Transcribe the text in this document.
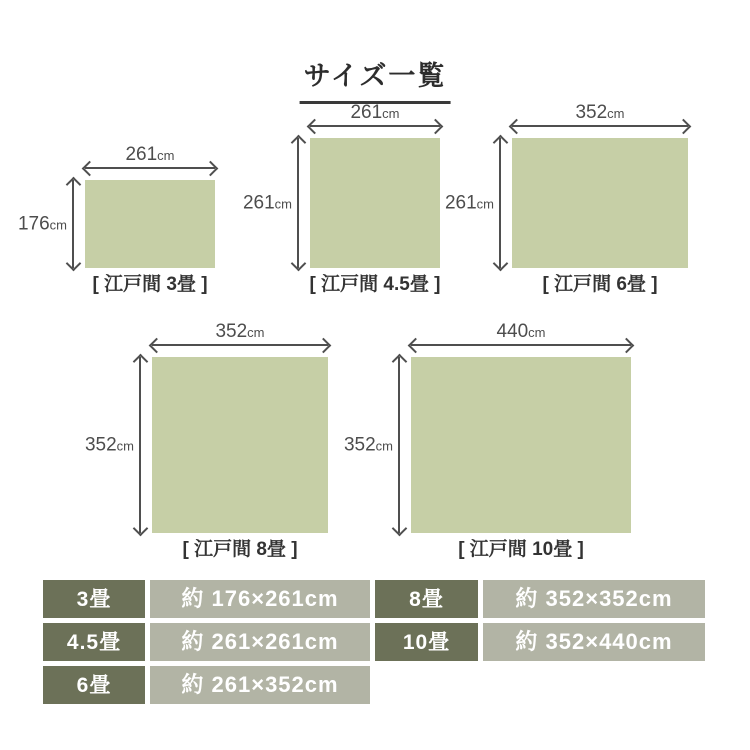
サイズ一覧
261cm
176cm
[ 江戸間 3畳 ]
261cm
261cm
[ 江戸間 4.5畳 ]
352cm
261cm
[ 江戸間 6畳 ]
352cm
352cm
[ 江戸間 8畳 ]
440cm
352cm
[ 江戸間 10畳 ]
3畳	約 176×261cm	8畳	約 352×352cm
4.5畳	約 261×261cm	10畳	約 352×440cm
6畳	約 261×352cm
